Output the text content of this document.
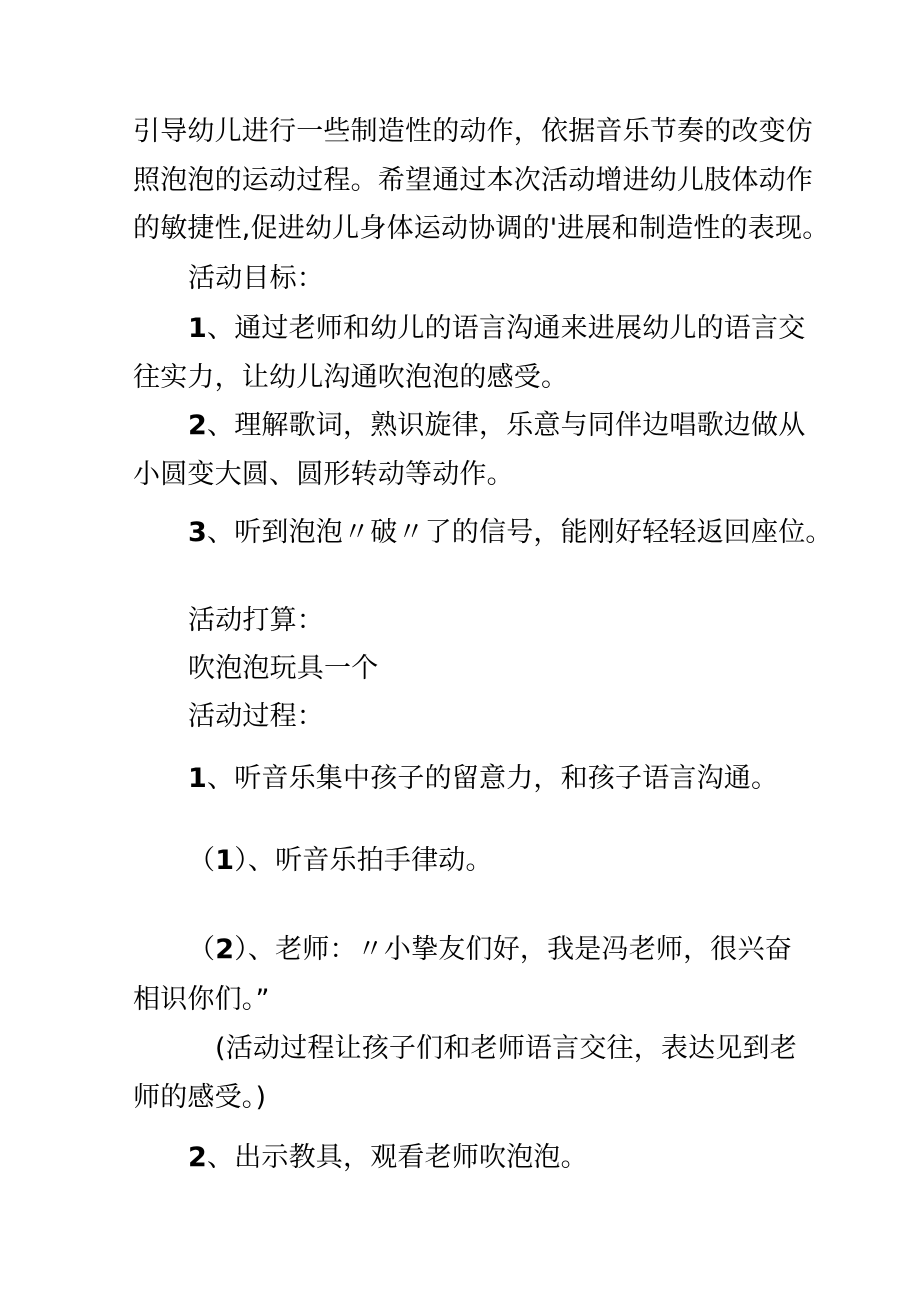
引导幼儿进行一些制造性的动作，依据音乐节奏的改变仿
照泡泡的运动过程。希望通过本次活动增进幼儿肢体动作
的敏捷性,促进幼儿身体运动协调的'进展和制造性的表现。
活动目标：
1、通过老师和幼儿的语言沟通来进展幼儿的语言交
往实力，让幼儿沟通吹泡泡的感受。
2、理解歌词，熟识旋律，乐意与同伴边唱歌边做从
小圆变大圆、圆形转动等动作。
3、听到泡泡〃破〃了的信号，能刚好轻轻返回座位。
活动打算：
吹泡泡玩具一个
活动过程：
1、听音乐集中孩子的留意力，和孩子语言沟通。
（1）、听音乐拍手律动。
（2）、老师：〃小挚友们好，我是冯老师，很兴奋
相识你们。”
(活动过程让孩子们和老师语言交往，表达见到老
师的感受。)
2、出示教具，观看老师吹泡泡。
